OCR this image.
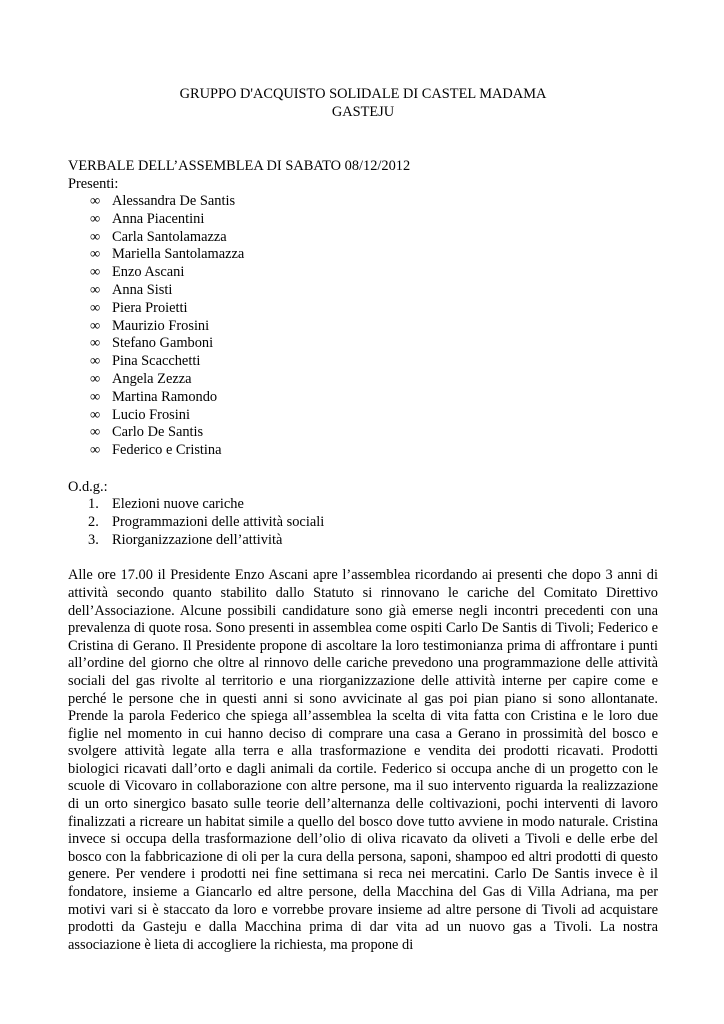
GRUPPO D'ACQUISTO SOLIDALE DI CASTEL MADAMA

GASTEJU

VERBALE DELL’ASSEMBLEA DI SABATO 08/12/2012
Presenti:
∞ Alessandra De Santis
∞ Anna Piacentini
∞ Carla Santolamazza
∞ Mariella Santolamazza
∞ Enzo Ascani
∞ Anna Sisti
∞ Piera Proietti
∞ Maurizio Frosini
∞ Stefano Gamboni
∞ Pina Scacchetti
∞ Angela Zezza
∞ Martina Ramondo
∞ Lucio Frosini
∞ Carlo De Santis
∞ Federico e Cristina
O.d.g.:
1. Elezioni nuove cariche
2. Programmazioni delle attività sociali
3. Riorganizzazione dell’attività
Alle ore 17.00 il Presidente Enzo Ascani apre l’assemblea ricordando ai presenti che dopo 3 anni di attività secondo quanto stabilito dallo Statuto si rinnovano le cariche del Comitato Direttivo dell’Associazione. Alcune possibili candidature sono già emerse negli incontri precedenti con una prevalenza di quote rosa. Sono presenti in assemblea come ospiti Carlo De Santis di Tivoli; Federico e Cristina di Gerano. Il Presidente propone di ascoltare la loro testimonianza prima di affrontare i punti all’ordine del giorno che oltre al rinnovo delle cariche prevedono una programmazione delle attività sociali del gas rivolte al territorio e una riorganizzazione delle attività interne per capire come e perché le persone che in questi anni si sono avvicinate al gas poi pian piano si sono allontanate. Prende la parola Federico che spiega all’assemblea la scelta di vita fatta con Cristina e le loro due figlie nel momento in cui hanno deciso di comprare una casa a Gerano in prossimità del bosco e svolgere attività legate alla terra e alla trasformazione e vendita dei prodotti ricavati. Prodotti biologici ricavati dall’orto e dagli animali da cortile. Federico si occupa anche di un progetto con le scuole di Vicovaro in collaborazione con altre persone, ma il suo intervento riguarda la realizzazione di un orto sinergico basato sulle teorie dell’alternanza delle coltivazioni, pochi interventi di lavoro finalizzati a ricreare un habitat simile a quello del bosco dove tutto avviene in modo naturale. Cristina invece si occupa della trasformazione dell’olio di oliva ricavato da oliveti a Tivoli e delle erbe del bosco con la fabbricazione di oli per la cura della persona, saponi, shampoo ed altri prodotti di questo genere. Per vendere i prodotti nei fine settimana si reca nei mercatini. Carlo De Santis invece è il fondatore, insieme a Giancarlo ed altre persone, della Macchina del Gas di Villa Adriana, ma per motivi vari si è staccato da loro e vorrebbe provare insieme ad altre persone di Tivoli ad acquistare prodotti da Gasteju e dalla Macchina prima di dar vita ad un nuovo gas a Tivoli. La nostra associazione è lieta di accogliere la richiesta, ma propone di
